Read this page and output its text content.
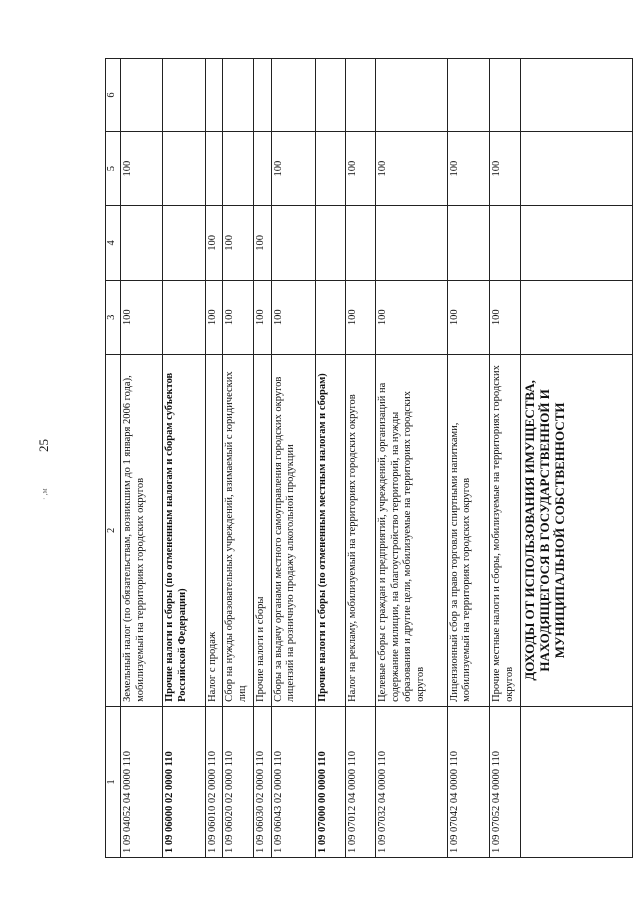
25
· ,м
1	2	3	4	5	6
1 09 04052 04 0000 110	Земельный налог (по обязательствам, возникшим до 1 января 2006 года), мобилизуемый на территориях городских округов	100		100	
1 09 06000 02 0000 110	Прочие налоги и сборы (по отмененным налогам и сборам субъектов Российской Федерации)				
1 09 06010 02 0000 110	Налог с продаж	100	100		
1 09 06020 02 0000 110	Сбор на нужды образовательных учреждений, взимаемый с юридических лиц	100	100		
1 09 06030 02 0000 110	Прочие налоги и сборы	100	100		
1 09 06043 02 0000 110	Сборы за выдачу органами местного самоуправления городских округов лицензий на розничную продажу алкогольной продукции	100		100	
1 09 07000 00 0000 110	Прочие налоги и сборы (по отмененным местным налогам и сборам)				
1 09 07012 04 0000 110	Налог на рекламу, мобилизуемый на территориях городских округов	100		100	
1 09 07032 04 0000 110	Целевые сборы с граждан и предприятий, учреждений, организаций на содержание милиции, на благоустройство территорий, на нужды образования и другие цели, мобилизуемые на территориях городских округов	100		100	
1 09 07042 04 0000 110	Лицензионный сбор за право торговли спиртными напитками, мобилизуемый на территориях городских округов	100		100	
1 09 07052 04 0000 110	Прочие местные налоги и сборы, мобилизуемые на территориях городских округов	100		100	
	ДОХОДЫ ОТ ИСПОЛЬЗОВАНИЯ ИМУЩЕСТВА, НАХОДЯЩЕГОСЯ В ГОСУДАРСТВЕННОЙ И МУНИЦИПАЛЬНОЙ СОБСТВЕННОСТИ				
